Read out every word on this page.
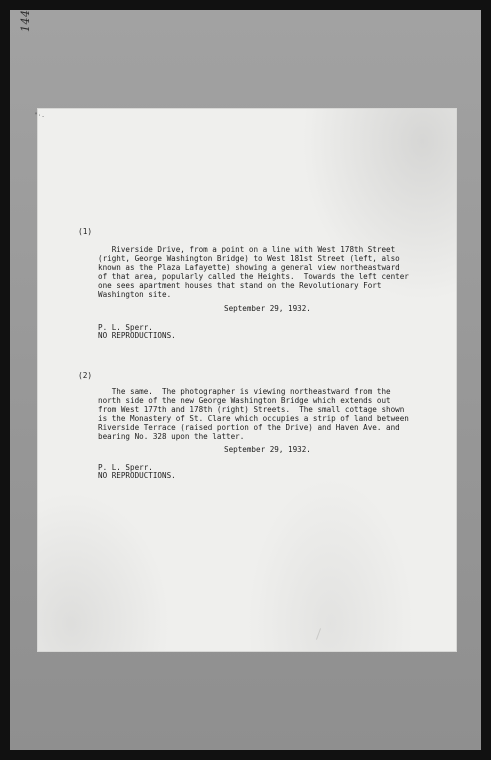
144

(1)

Riverside Drive, from a point on a line with West 178th Street

(right, George Washington Bridge) to West 181st Street (left, also

known as the Plaza Lafayette) showing a general view northeastward

of that area, popularly called the Heights.  Towards the left center

one sees apartment houses that stand on the Revolutionary Fort

Washington site.

September 29, 1932.

P. L. Sperr.

NO REPRODUCTIONS.

(2)

The same.  The photographer is viewing northeastward from the

north side of the new George Washington Bridge which extends out

from West 177th and 178th (right) Streets.  The small cottage shown

is the Monastery of St. Clare which occupies a strip of land between

Riverside Terrace (raised portion of the Drive) and Haven Ave. and

bearing No. 328 upon the latter.

September 29, 1932.

P. L. Sperr.

NO REPRODUCTIONS.

"·.
